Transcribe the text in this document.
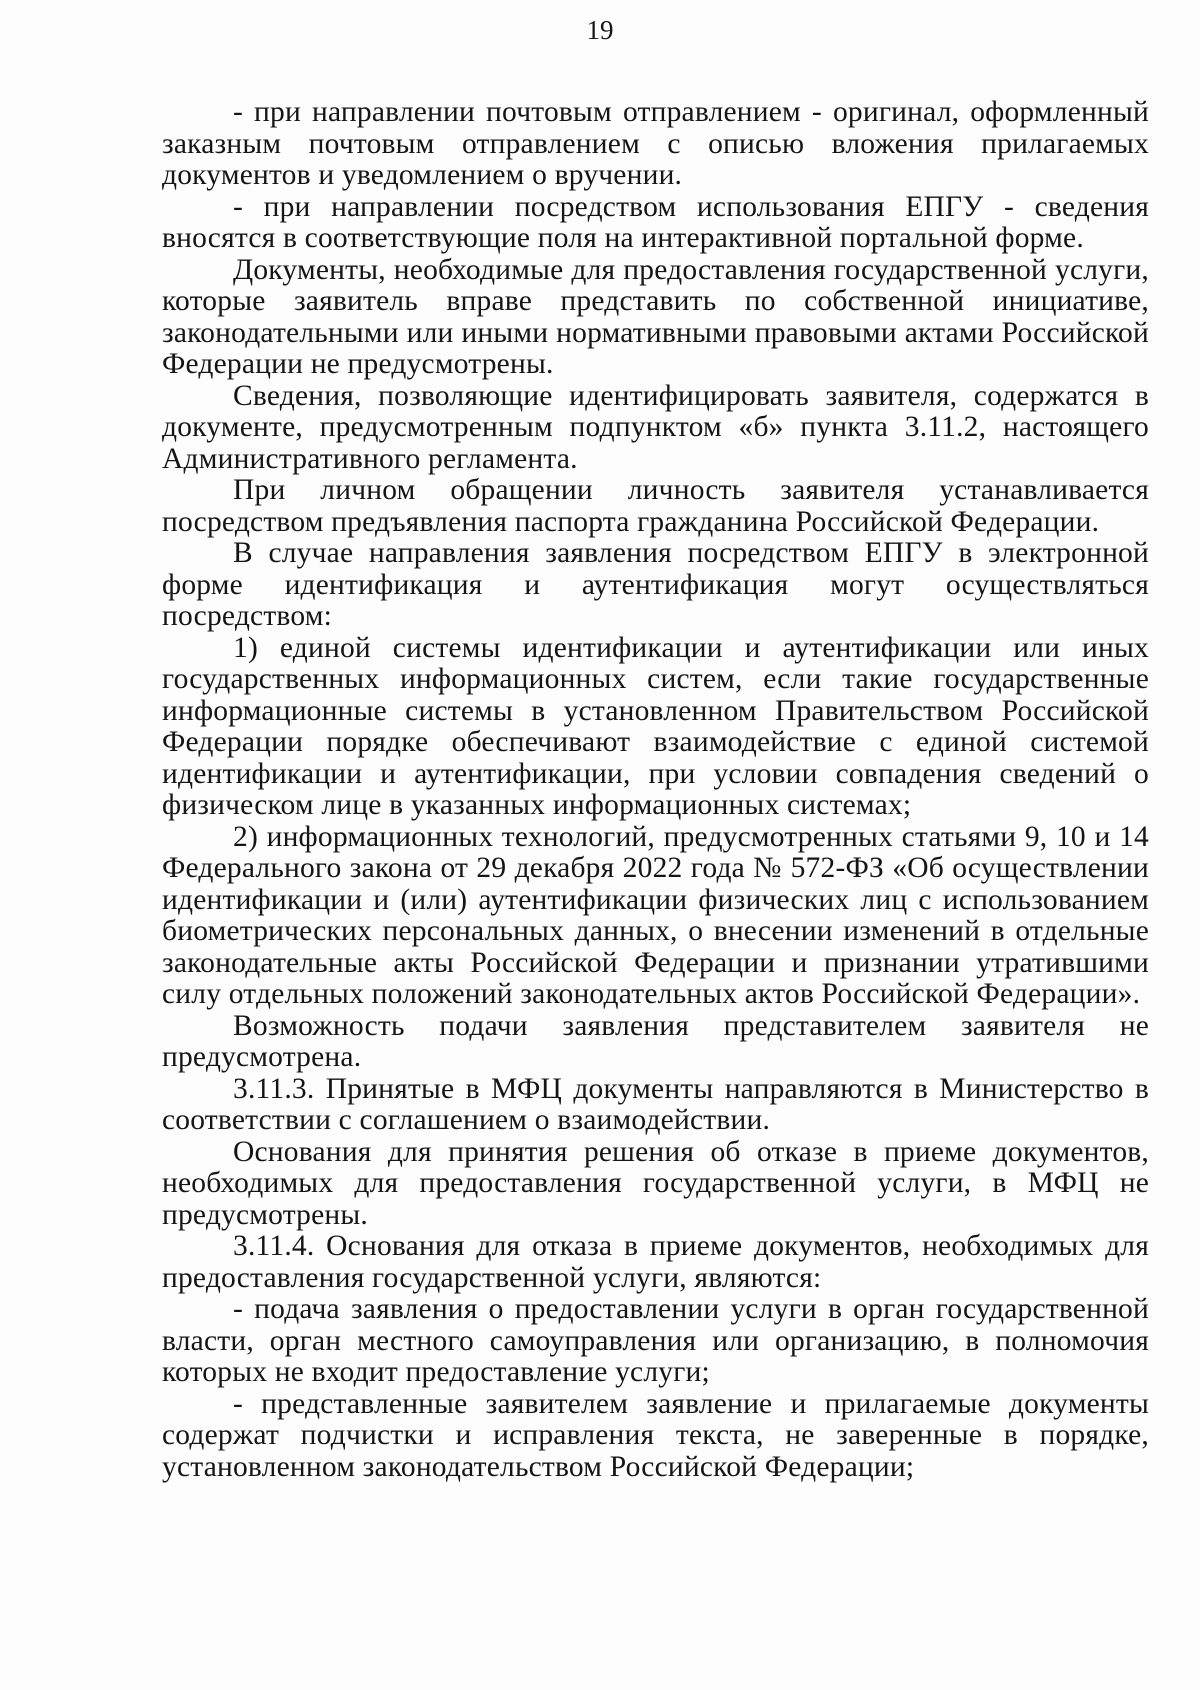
19

- при направлении почтовым отправлением - оригинал, оформленный заказным почтовым отправлением с описью вложения прилагаемых документов и уведомлением о вручении.

- при направлении посредством использования ЕПГУ - сведения вносятся в соответствующие поля на интерактивной портальной форме.

Документы, необходимые для предоставления государственной услуги, которые заявитель вправе представить по собственной инициативе, законодательными или иными нормативными правовыми актами Российской Федерации не предусмотрены.

Сведения, позволяющие идентифицировать заявителя, содержатся в документе, предусмотренным подпунктом «б» пункта 3.11.2, настоящего Административного регламента.

При личном обращении личность заявителя устанавливается посредством предъявления паспорта гражданина Российской Федерации.

В случае направления заявления посредством ЕПГУ в электронной форме идентификация и аутентификация могут осуществляться посредством:

1) единой системы идентификации и аутентификации или иных государственных информационных систем, если такие государственные информационные системы в установленном Правительством Российской Федерации порядке обеспечивают взаимодействие с единой системой идентификации и аутентификации, при условии совпадения сведений о физическом лице в указанных информационных системах;

2) информационных технологий, предусмотренных статьями 9, 10 и 14 Федерального закона от 29 декабря 2022 года № 572-ФЗ «Об осуществлении идентификации и (или) аутентификации физических лиц с использованием биометрических персональных данных, о внесении изменений в отдельные законодательные акты Российской Федерации и признании утратившими силу отдельных положений законодательных актов Российской Федерации».

Возможность подачи заявления представителем заявителя не предусмотрена.

3.11.3. Принятые в МФЦ документы направляются в Министерство в соответствии с соглашением о взаимодействии.

Основания для принятия решения об отказе в приеме документов, необходимых для предоставления государственной услуги, в МФЦ не предусмотрены.

3.11.4. Основания для отказа в приеме документов, необходимых для предоставления государственной услуги, являются:

- подача заявления о предоставлении услуги в орган государственной власти, орган местного самоуправления или организацию, в полномочия которых не входит предоставление услуги;

- представленные заявителем заявление и прилагаемые документы содержат подчистки и исправления текста, не заверенные в порядке, установленном законодательством Российской Федерации;
